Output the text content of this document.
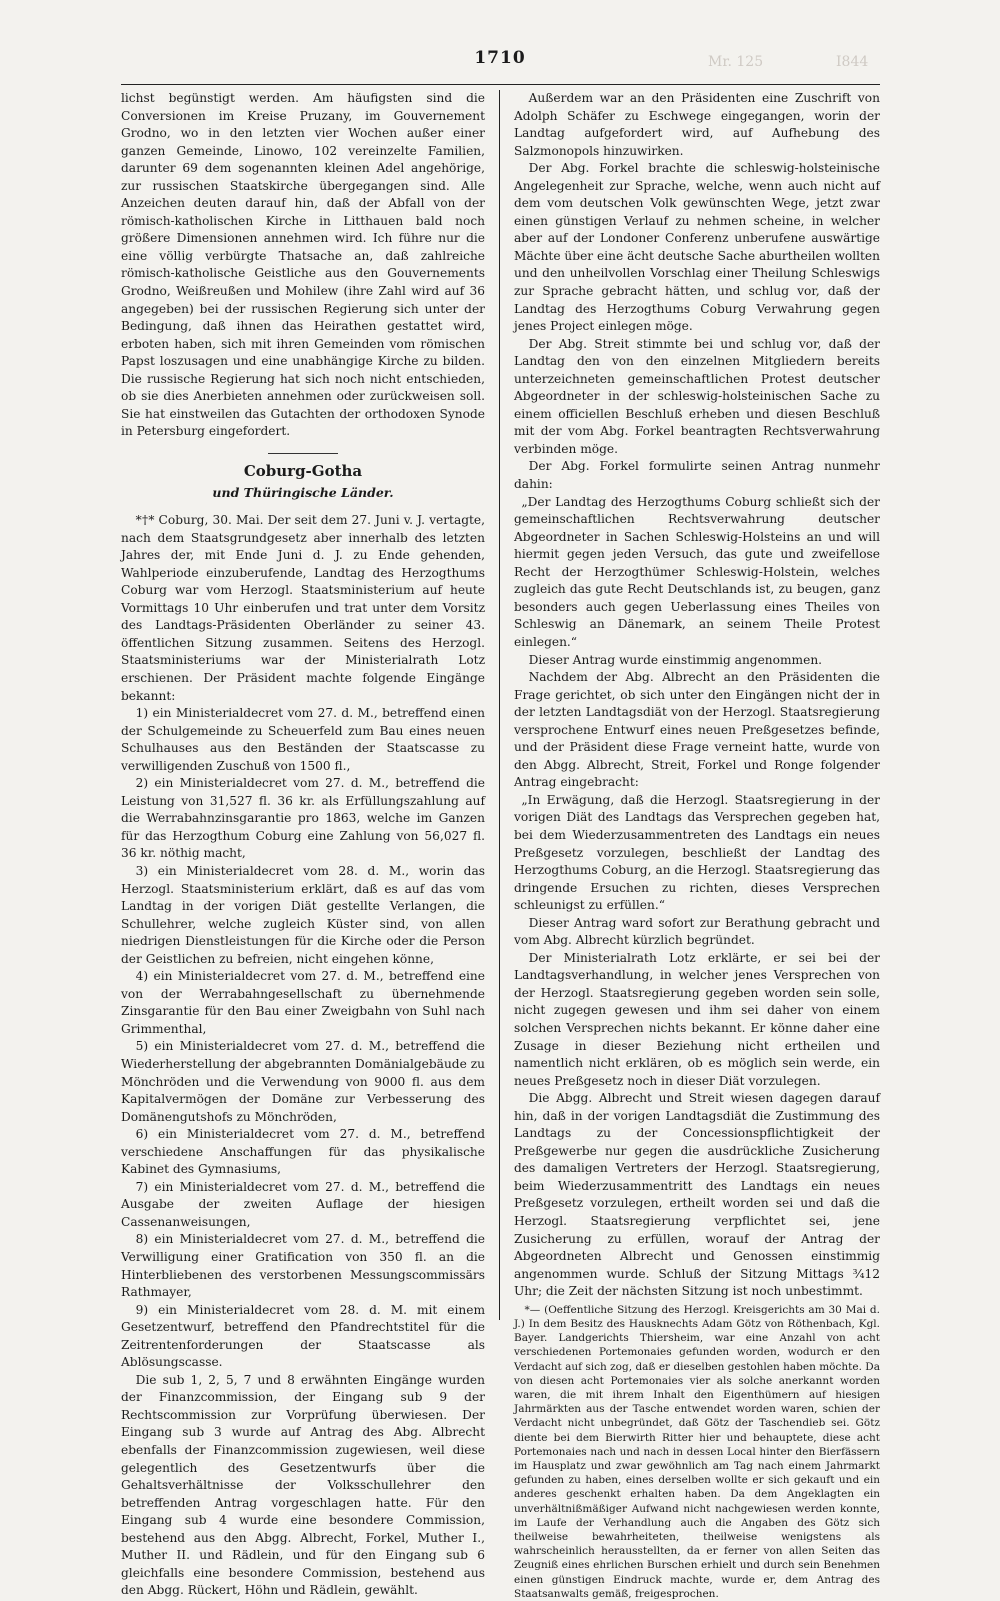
1710	I844
Mr. 125

lichst begünstigt werden. Am häufigsten sind die Conversionen im Kreise Pruzany, im Gouvernement Grodno, wo in den letzten vier Wochen außer einer ganzen Gemeinde, Linowo, 102 vereinzelte Familien, darunter 69 dem sogenannten kleinen Adel angehörige, zur russischen Staatskirche übergegangen sind. Alle Anzeichen deuten darauf hin, daß der Abfall von der römisch-katholischen Kirche in Litthauen bald noch größere Dimensionen annehmen wird. Ich führe nur die eine völlig verbürgte Thatsache an, daß zahlreiche römisch-katholische Geistliche aus den Gouvernements Grodno, Weißreußen und Mohilew (ihre Zahl wird auf 36 angegeben) bei der russischen Regierung sich unter der Bedingung, daß ihnen das Heirathen gestattet wird, erboten haben, sich mit ihren Gemeinden vom römischen Papst loszusagen und eine unabhängige Kirche zu bilden. Die russische Regierung hat sich noch nicht entschieden, ob sie dies Anerbieten annehmen oder zurückweisen soll. Sie hat einstweilen das Gutachten der orthodoxen Synode in Petersburg eingefordert.

Coburg-Gotha
und Thüringische Länder.

*†* Coburg, 30. Mai. Der seit dem 27. Juni v. J. vertagte, nach dem Staatsgrundgesetz aber innerhalb des letzten Jahres der, mit Ende Juni d. J. zu Ende gehenden, Wahlperiode einzuberufende, Landtag des Herzogthums Coburg war vom Herzogl. Staatsministerium auf heute Vormittags 10 Uhr einberufen und trat unter dem Vorsitz des Landtags-Präsidenten Oberländer zu seiner 43. öffentlichen Sitzung zusammen. Seitens des Herzogl. Staatsministeriums war der Ministerialrath Lotz erschienen. Der Präsident machte folgende Eingänge bekannt:

1) ein Ministerialdecret vom 27. d. M., betreffend einen der Schulgemeinde zu Scheuerfeld zum Bau eines neuen Schulhauses aus den Beständen der Staatscasse zu verwilligenden Zuschuß von 1500 fl.,

2) ein Ministerialdecret vom 27. d. M., betreffend die Leistung von 31,527 fl. 36 kr. als Erfüllungszahlung auf die Werrabahnzinsgarantie pro 1863, welche im Ganzen für das Herzogthum Coburg eine Zahlung von 56,027 fl. 36 kr. nöthig macht,

3) ein Ministerialdecret vom 28. d. M., worin das Herzogl. Staatsministerium erklärt, daß es auf das vom Landtag in der vorigen Diät gestellte Verlangen, die Schullehrer, welche zugleich Küster sind, von allen niedrigen Dienstleistungen für die Kirche oder die Person der Geistlichen zu befreien, nicht eingehen könne,

4) ein Ministerialdecret vom 27. d. M., betreffend eine von der Werrabahngesellschaft zu übernehmende Zinsgarantie für den Bau einer Zweigbahn von Suhl nach Grimmenthal,

5) ein Ministerialdecret vom 27. d. M., betreffend die Wiederherstellung der abgebrannten Domänialgebäude zu Mönchröden und die Verwendung von 9000 fl. aus dem Kapitalvermögen der Domäne zur Verbesserung des Domänengutshofs zu Mönchröden,

6) ein Ministerialdecret vom 27. d. M., betreffend verschiedene Anschaffungen für das physikalische Kabinet des Gymnasiums,

7) ein Ministerialdecret vom 27. d. M., betreffend die Ausgabe der zweiten Auflage der hiesigen Cassenanweisungen,

8) ein Ministerialdecret vom 27. d. M., betreffend die Verwilligung einer Gratification von 350 fl. an die Hinterbliebenen des verstorbenen Messungscommissärs Rathmayer,

9) ein Ministerialdecret vom 28. d. M. mit einem Gesetzentwurf, betreffend den Pfandrechtstitel für die Zeitrentenforderungen der Staatscasse als Ablösungscasse.

Die sub 1, 2, 5, 7 und 8 erwähnten Eingänge wurden der Finanzcommission, der Eingang sub 9 der Rechtscommission zur Vorprüfung überwiesen. Der Eingang sub 3 wurde auf Antrag des Abg. Albrecht ebenfalls der Finanzcommission zugewiesen, weil diese gelegentlich des Gesetzentwurfs über die Gehaltsverhältnisse der Volksschullehrer den betreffenden Antrag vorgeschlagen hatte. Für den Eingang sub 4 wurde eine besondere Commission, bestehend aus den Abgg. Albrecht, Forkel, Muther I., Muther II. und Rädlein, und für den Eingang sub 6 gleichfalls eine besondere Commission, bestehend aus den Abgg. Rückert, Höhn und Rädlein, gewählt.

Außerdem war an den Präsidenten eine Zuschrift von Adolph Schäfer zu Eschwege eingegangen, worin der Landtag aufgefordert wird, auf Aufhebung des Salzmonopols hinzuwirken.

Der Abg. Forkel brachte die schleswig-holsteinische Angelegenheit zur Sprache, welche, wenn auch nicht auf dem vom deutschen Volk gewünschten Wege, jetzt zwar einen günstigen Verlauf zu nehmen scheine, in welcher aber auf der Londoner Conferenz unberufene auswärtige Mächte über eine ächt deutsche Sache aburtheilen wollten und den unheilvollen Vorschlag einer Theilung Schleswigs zur Sprache gebracht hätten, und schlug vor, daß der Landtag des Herzogthums Coburg Verwahrung gegen jenes Project einlegen möge.

Der Abg. Streit stimmte bei und schlug vor, daß der Landtag den von den einzelnen Mitgliedern bereits unterzeichneten gemeinschaftlichen Protest deutscher Abgeordneter in der schleswig-holsteinischen Sache zu einem officiellen Beschluß erheben und diesen Beschluß mit der vom Abg. Forkel beantragten Rechtsverwahrung verbinden möge.

Der Abg. Forkel formulirte seinen Antrag nunmehr dahin:

„Der Landtag des Herzogthums Coburg schließt sich der gemeinschaftlichen Rechtsverwahrung deutscher Abgeordneter in Sachen Schleswig-Holsteins an und will hiermit gegen jeden Versuch, das gute und zweifellose Recht der Herzogthümer Schleswig-Holstein, welches zugleich das gute Recht Deutschlands ist, zu beugen, ganz besonders auch gegen Ueberlassung eines Theiles von Schleswig an Dänemark, an seinem Theile Protest einlegen.“

Dieser Antrag wurde einstimmig angenommen.

Nachdem der Abg. Albrecht an den Präsidenten die Frage gerichtet, ob sich unter den Eingängen nicht der in der letzten Landtagsdiät von der Herzogl. Staatsregierung versprochene Entwurf eines neuen Preßgesetzes befinde, und der Präsident diese Frage verneint hatte, wurde von den Abgg. Albrecht, Streit, Forkel und Ronge folgender Antrag eingebracht:

„In Erwägung, daß die Herzogl. Staatsregierung in der vorigen Diät des Landtags das Versprechen gegeben hat, bei dem Wiederzusammentreten des Landtags ein neues Preßgesetz vorzulegen, beschließt der Landtag des Herzogthums Coburg, an die Herzogl. Staatsregierung das dringende Ersuchen zu richten, dieses Versprechen schleunigst zu erfüllen.“

Dieser Antrag ward sofort zur Berathung gebracht und vom Abg. Albrecht kürzlich begründet.

Der Ministerialrath Lotz erklärte, er sei bei der Landtagsverhandlung, in welcher jenes Versprechen von der Herzogl. Staatsregierung gegeben worden sein solle, nicht zugegen gewesen und ihm sei daher von einem solchen Versprechen nichts bekannt. Er könne daher eine Zusage in dieser Beziehung nicht ertheilen und namentlich nicht erklären, ob es möglich sein werde, ein neues Preßgesetz noch in dieser Diät vorzulegen.

Die Abgg. Albrecht und Streit wiesen dagegen darauf hin, daß in der vorigen Landtagsdiät die Zustimmung des Landtags zu der Concessionspflichtigkeit der Preßgewerbe nur gegen die ausdrückliche Zusicherung des damaligen Vertreters der Herzogl. Staatsregierung, beim Wiederzusammentritt des Landtags ein neues Preßgesetz vorzulegen, ertheilt worden sei und daß die Herzogl. Staatsregierung verpflichtet sei, jene Zusicherung zu erfüllen, worauf der Antrag der Abgeordneten Albrecht und Genossen einstimmig angenommen wurde. Schluß der Sitzung Mittags ³⁄₄12 Uhr; die Zeit der nächsten Sitzung ist noch unbestimmt.

*— (Oeffentliche Sitzung des Herzogl. Kreisgerichts am 30 Mai d. J.) In dem Besitz des Hausknechts Adam Götz von Röthenbach, Kgl. Bayer. Landgerichts Thiersheim, war eine Anzahl von acht verschiedenen Portemonaies gefunden worden, wodurch er den Verdacht auf sich zog, daß er dieselben gestohlen haben möchte. Da von diesen acht Portemonaies vier als solche anerkannt worden waren, die mit ihrem Inhalt den Eigenthümern auf hiesigen Jahrmärkten aus der Tasche entwendet worden waren, schien der Verdacht nicht unbegründet, daß Götz der Taschendieb sei. Götz diente bei dem Bierwirth Ritter hier und behauptete, diese acht Portemonaies nach und nach in dessen Local hinter den Bierfässern im Hausplatz und zwar gewöhnlich am Tag nach einem Jahrmarkt gefunden zu haben, eines derselben wollte er sich gekauft und ein anderes geschenkt erhalten haben. Da dem Angeklagten ein unverhältnißmäßiger Aufwand nicht nachgewiesen werden konnte, im Laufe der Verhandlung auch die Angaben des Götz sich theilweise bewahrheiteten, theilweise wenigstens als wahrscheinlich herausstellten, da er ferner von allen Seiten das Zeugniß eines ehrlichen Burschen erhielt und durch sein Benehmen einen günstigen Eindruck machte, wurde er, dem Antrag des Staatsanwalts gemäß, freigesprochen.
